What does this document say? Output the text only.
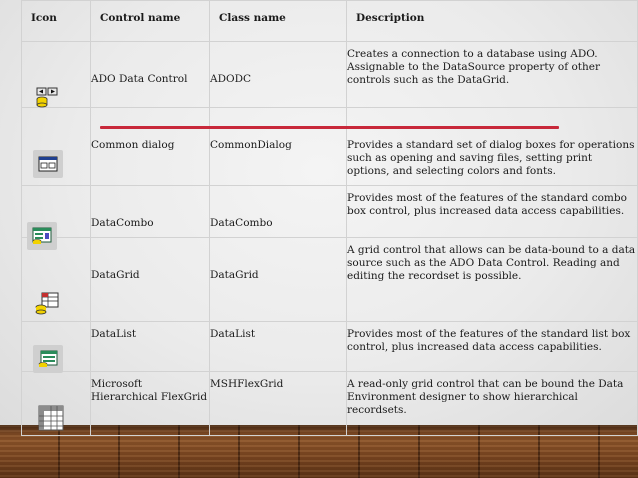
Icon	Control name	Class name	Description

ADO Data Control	ADODC	Creates a connection to a database using ADO. Assignable to the DataSource property of other controls such as the DataGrid.

Common dialog	CommonDialog	Provides a standard set of dialog boxes for operations such as opening and saving files, setting print options, and selecting colors and fonts.

DataCombo	DataCombo	Provides most of the features of the standard combo box control, plus increased data access capabilities.

DataGrid	DataGrid	A grid control that allows can be data-bound to a data source such as the ADO Data Control. Reading and editing the recordset is possible.

DataList	DataList	Provides most of the features of the standard list box control, plus increased data access capabilities.

Microsoft Hierarchical FlexGrid	MSHFlexGrid	A read-only grid control that can be bound the Data Environment designer to show hierarchical recordsets.
